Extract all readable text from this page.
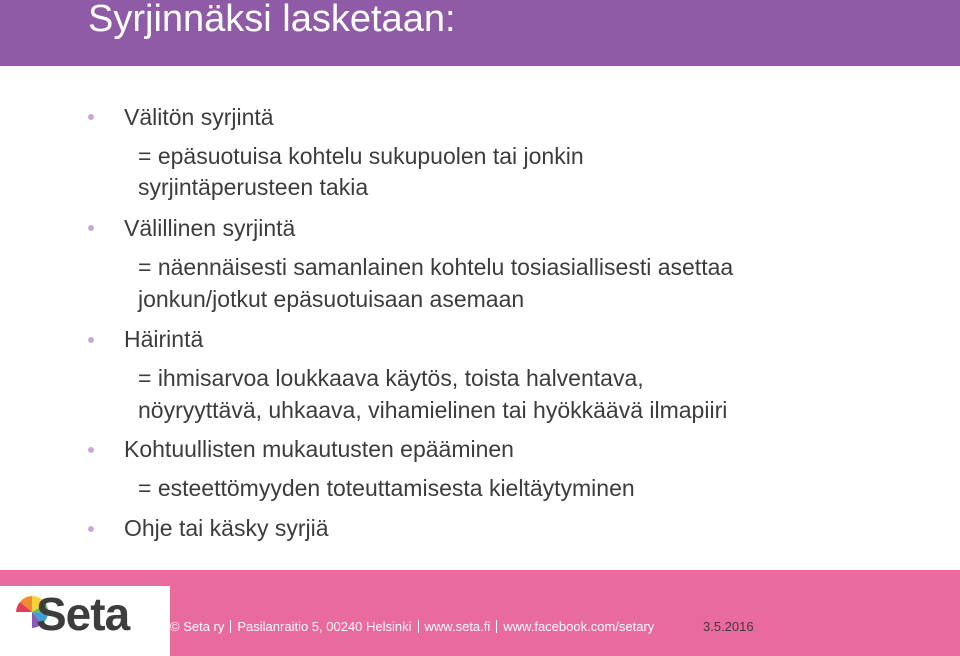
Syrjinnäksi lasketaan:
Välitön syrjintä
= epäsuotuisa kohtelu sukupuolen tai jonkin
syrjintäperusteen takia
Välillinen syrjintä
= näennäisesti samanlainen kohtelu tosiasiallisesti asettaa
jonkun/jotkut epäsuotuisaan asemaan
Häirintä
= ihmisarvoa loukkaava käytös, toista halventava,
nöyryyttävä, uhkaava, vihamielinen tai hyökkäävä ilmapiiri
Kohtuullisten mukautusten epääminen
= esteettömyyden toteuttamisesta kieltäytyminen
Ohje tai käsky syrjiä
Seta	© Seta ry Pasilanraitio 5, 00240 Helsinki www.seta.fi www.facebook.com/setary	3.5.2016
